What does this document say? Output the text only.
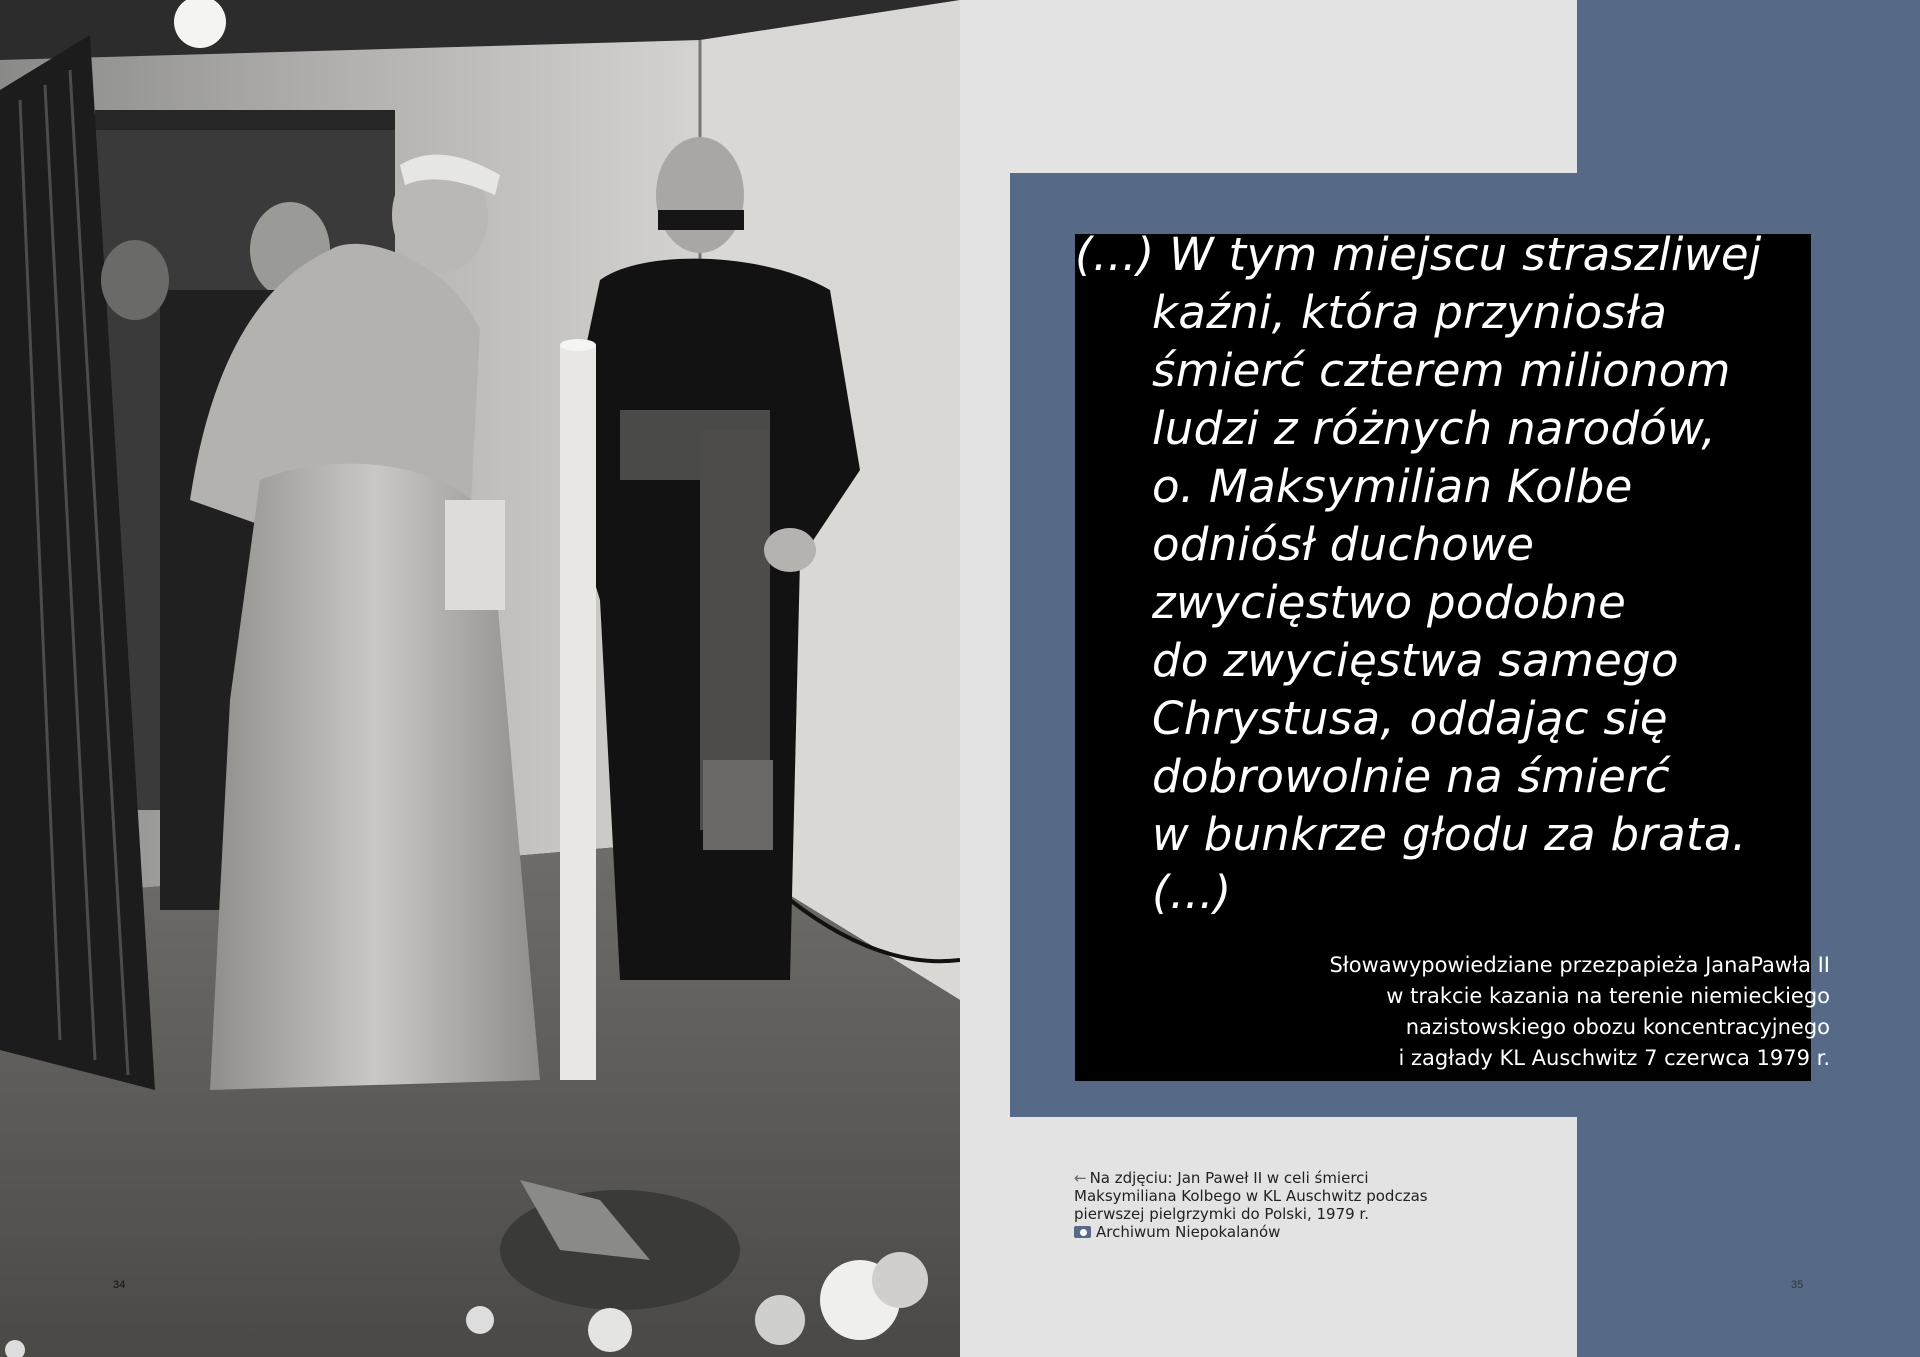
34
(...) W tym miejscu straszliwej
kaźni, która przyniosła
śmierć czterem milionom
ludzi z różnych narodów,
o. Maksymilian Kolbe
odniósł duchowe
zwycięstwo podobne
do zwycięstwa samego
Chrystusa, oddając się
dobrowolnie na śmierć
w bunkrze głodu za brata.
(...)
Słowawypowiedziane przezpapieża JanaPawła II
w trakcie kazania na terenie niemieckiego
nazistowskiego obozu koncentracyjnego
i zagłady KL Auschwitz 7 czerwca 1979 r.
← Na zdjęciu: Jan Paweł II w celi śmierci
Maksymiliana Kolbego w KL Auschwitz podczas
pierwszej pielgrzymki do Polski, 1979 r.
Archiwum Niepokalanów
35
